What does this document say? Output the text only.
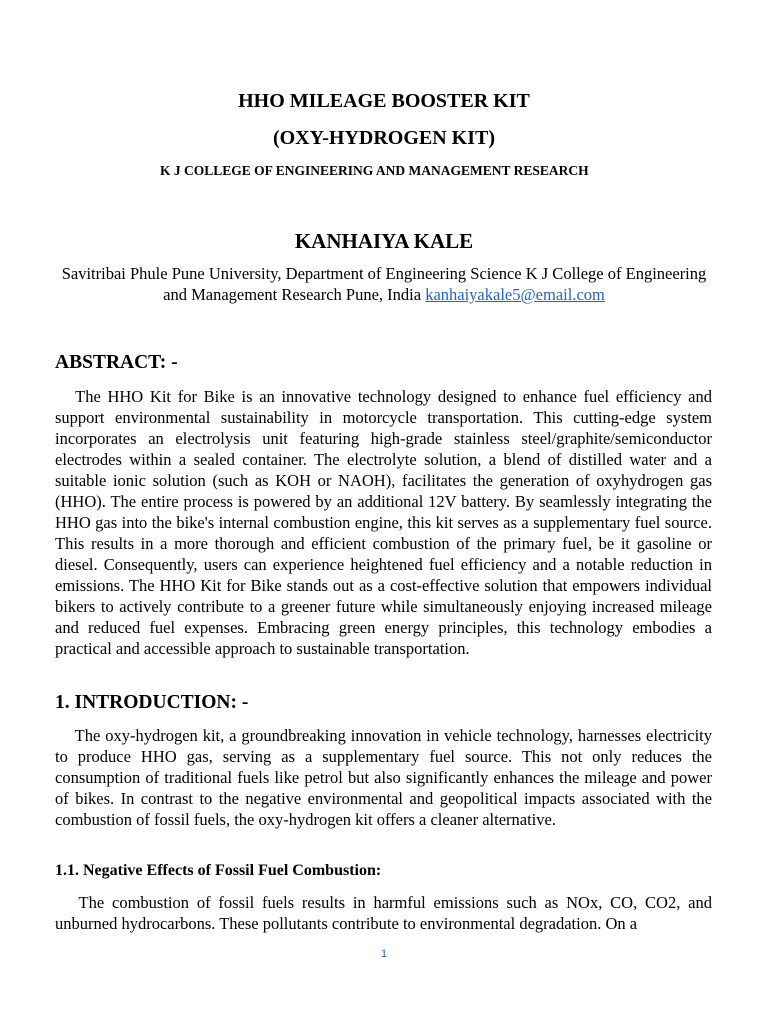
HHO MILEAGE BOOSTER KIT
(OXY-HYDROGEN KIT)
K J COLLEGE OF ENGINEERING AND MANAGEMENT RESEARCH
KANHAIYA KALE
Savitribai Phule Pune University, Department of Engineering Science K J College of Engineering and Management Research Pune, India kanhaiyakale5@email.com
ABSTRACT: -
The HHO Kit for Bike is an innovative technology designed to enhance fuel efficiency and support environmental sustainability in motorcycle transportation. This cutting-edge system incorporates an electrolysis unit featuring high-grade stainless steel/graphite/semiconductor electrodes within a sealed container. The electrolyte solution, a blend of distilled water and a suitable ionic solution (such as KOH or NAOH), facilitates the generation of oxyhydrogen gas (HHO). The entire process is powered by an additional 12V battery. By seamlessly integrating the HHO gas into the bike's internal combustion engine, this kit serves as a supplementary fuel source. This results in a more thorough and efficient combustion of the primary fuel, be it gasoline or diesel. Consequently, users can experience heightened fuel efficiency and a notable reduction in emissions. The HHO Kit for Bike stands out as a cost-effective solution that empowers individual bikers to actively contribute to a greener future while simultaneously enjoying increased mileage and reduced fuel expenses. Embracing green energy principles, this technology embodies a practical and accessible approach to sustainable transportation.
1. INTRODUCTION: -
The oxy-hydrogen kit, a groundbreaking innovation in vehicle technology, harnesses electricity to produce HHO gas, serving as a supplementary fuel source. This not only reduces the consumption of traditional fuels like petrol but also significantly enhances the mileage and power of bikes. In contrast to the negative environmental and geopolitical impacts associated with the combustion of fossil fuels, the oxy-hydrogen kit offers a cleaner alternative.
1.1. Negative Effects of Fossil Fuel Combustion:
The combustion of fossil fuels results in harmful emissions such as NOx, CO, CO2, and unburned hydrocarbons. These pollutants contribute to environmental degradation. On a
1
